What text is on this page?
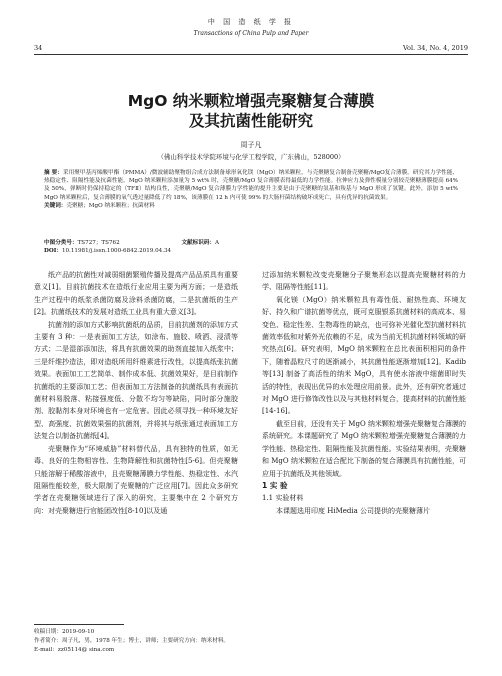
34
中 国 造 纸 学 报
Transactions of China Pulp and Paper
Vol. 34, No. 4, 2019
MgO 纳米颗粒增强壳聚糖复合薄膜
及其抗菌性能研究
周子凡
（佛山科学技术学院环境与化学工程学院，广东佛山，528000）
摘 要：采用聚甲基丙烯酸甲酯（PMMA）/微波辅助聚物组合成方法制备球形氧化镁（MgO）纳米颗粒，与壳聚糖复合制备壳聚糖/MgO复合薄膜。研究其力学性能、热稳定性、阻隔性能及抗菌性能。MgO 纳米颗粒添加量为 5 wt% 时，壳聚糖/MgO 复合薄膜表得最低的力学性能。拉伸应力及弹性模量分别较壳聚糖薄膜提高 64% 及 50%，弹断时仍保持稳定的（TFⅡ）结构良性，壳聚糖/MgO 复合薄膜力学性能的提升主要是由于壳聚糖的氢基和羧基与 MgO 形成了氢键。此外，添加 5 wt% MgO 纳米颗粒后，复合薄膜的氧气透过量降低了约 18%，该薄膜在 12 h 内可使 99% 的大肠杆菌结构破坏成死亡，具有优异的抗菌效果。
关键词：壳聚糖；MgO 纳米颗粒；抗菌材料
中图分类号：TS727；TS762	文献标识码：A DOI：10.11981/j.issn.1000-6842.2019.04.34

纸产品的抗菌性对减弱细菌繁殖传播及提高产品品质具有重要意义[1]。目前抗菌技术在造纸行业应用主要为两方面；一是造纸生产过程中的纸浆杀菌防腐及涂料杀菌防腐，二是抗菌纸的生产[2]。抗菌纸技术的发展对造纸工业具有重大意义[3]。

抗菌剂的添加方式影响抗菌纸的品质，目前抗菌剂的添加方式主要有 3 种：一是表面加工方法，如涂布、施胶、喷洒、浸渍等方式；二是湿部添加法，将具有抗菌效果的助剂直接加入纸浆中；三是纤维抄造法，即对造纸所用纤维素进行改性，以提高纸张抗菌效果。表面加工工艺简单、制作成本低、抗菌效果好，是目前制作抗菌纸的主要添加工艺；但表面加工方法制备的抗菌纸具有表面抗菌材料易脱落、粘接强度低、分散不均匀等缺陷，同时部分施胶剂、胶黏剂本身对环境也有一定危害。因此必须寻找一种环境友好型、高强度、抗菌效果强的抗菌剂，并将其与纸张通过表面加工方法复合以制备抗菌纸[4]。

壳聚糖作为“环境威胁”材料替代品，具有独特的性质，如无毒、良好的生物相容性、生物降解性和抗菌特性[5-6]。但壳聚糖只能溶解于稀酸溶液中，且壳聚糖薄膜力学性能、热稳定性、水汽阻隔性能较差，极大限制了壳聚糖的广泛应用[7]。因此众多研究学者在壳聚糖领域进行了深入的研究，主要集中在 2 个研究方向：对壳聚糖进行官能团改性[8-10]以及通

过添加纳米颗粒改变壳聚糖分子聚集形态以提高壳聚糖材料的力学、阻隔等性能[11]。

氧化镁（MgO）纳米颗粒具有毒性低、耐热性高、环境友好、持久和广谱抗菌等优点，既可克服银系抗菌材料的高成本、易变色、稳定性差、生物毒性的缺点，也可弥补光催化型抗菌材料抗菌效率低和对紫外光依赖的不足，成为当前无机抗菌材料领域的研究热点[6]。研究表明，MgO 纳米颗粒在总比表面积相同的条件下，随着晶粒尺寸的逐渐减小，其抗菌性能逐渐增加[12]。Kadib 等[13] 制备了高活性的纳米 MgO，具有使水溶液中细菌即时失活的特性，表现出优异的水处理应用前景。此外，还有研究者通过对 MgO 进行修饰改性以及与其他材料复合，提高材料的抗菌性能[14-16]。

截至目前，还没有关于 MgO 纳米颗粒增强壳聚糖复合薄膜的系统研究。本课题研究了 MgO 纳米颗粒增强壳聚糖复合薄膜的力学性能、热稳定性、阻隔性能及抗菌性能。实验结果表明，壳聚糖和 MgO 纳米颗粒在适合配比下制备的复合薄膜具有抗菌性能，可应用于抗菌纸及其他领域。

1 实 验

1.1 实验材料

本课题选用印度 HiMedia 公司提供的壳聚糖薄片

收稿日期：2019-09-10
作者简介：周子凡，男，1978 年生；博士，讲师；主要研究方向：纳米材料。
E-mail：zz05114@ sina.com
